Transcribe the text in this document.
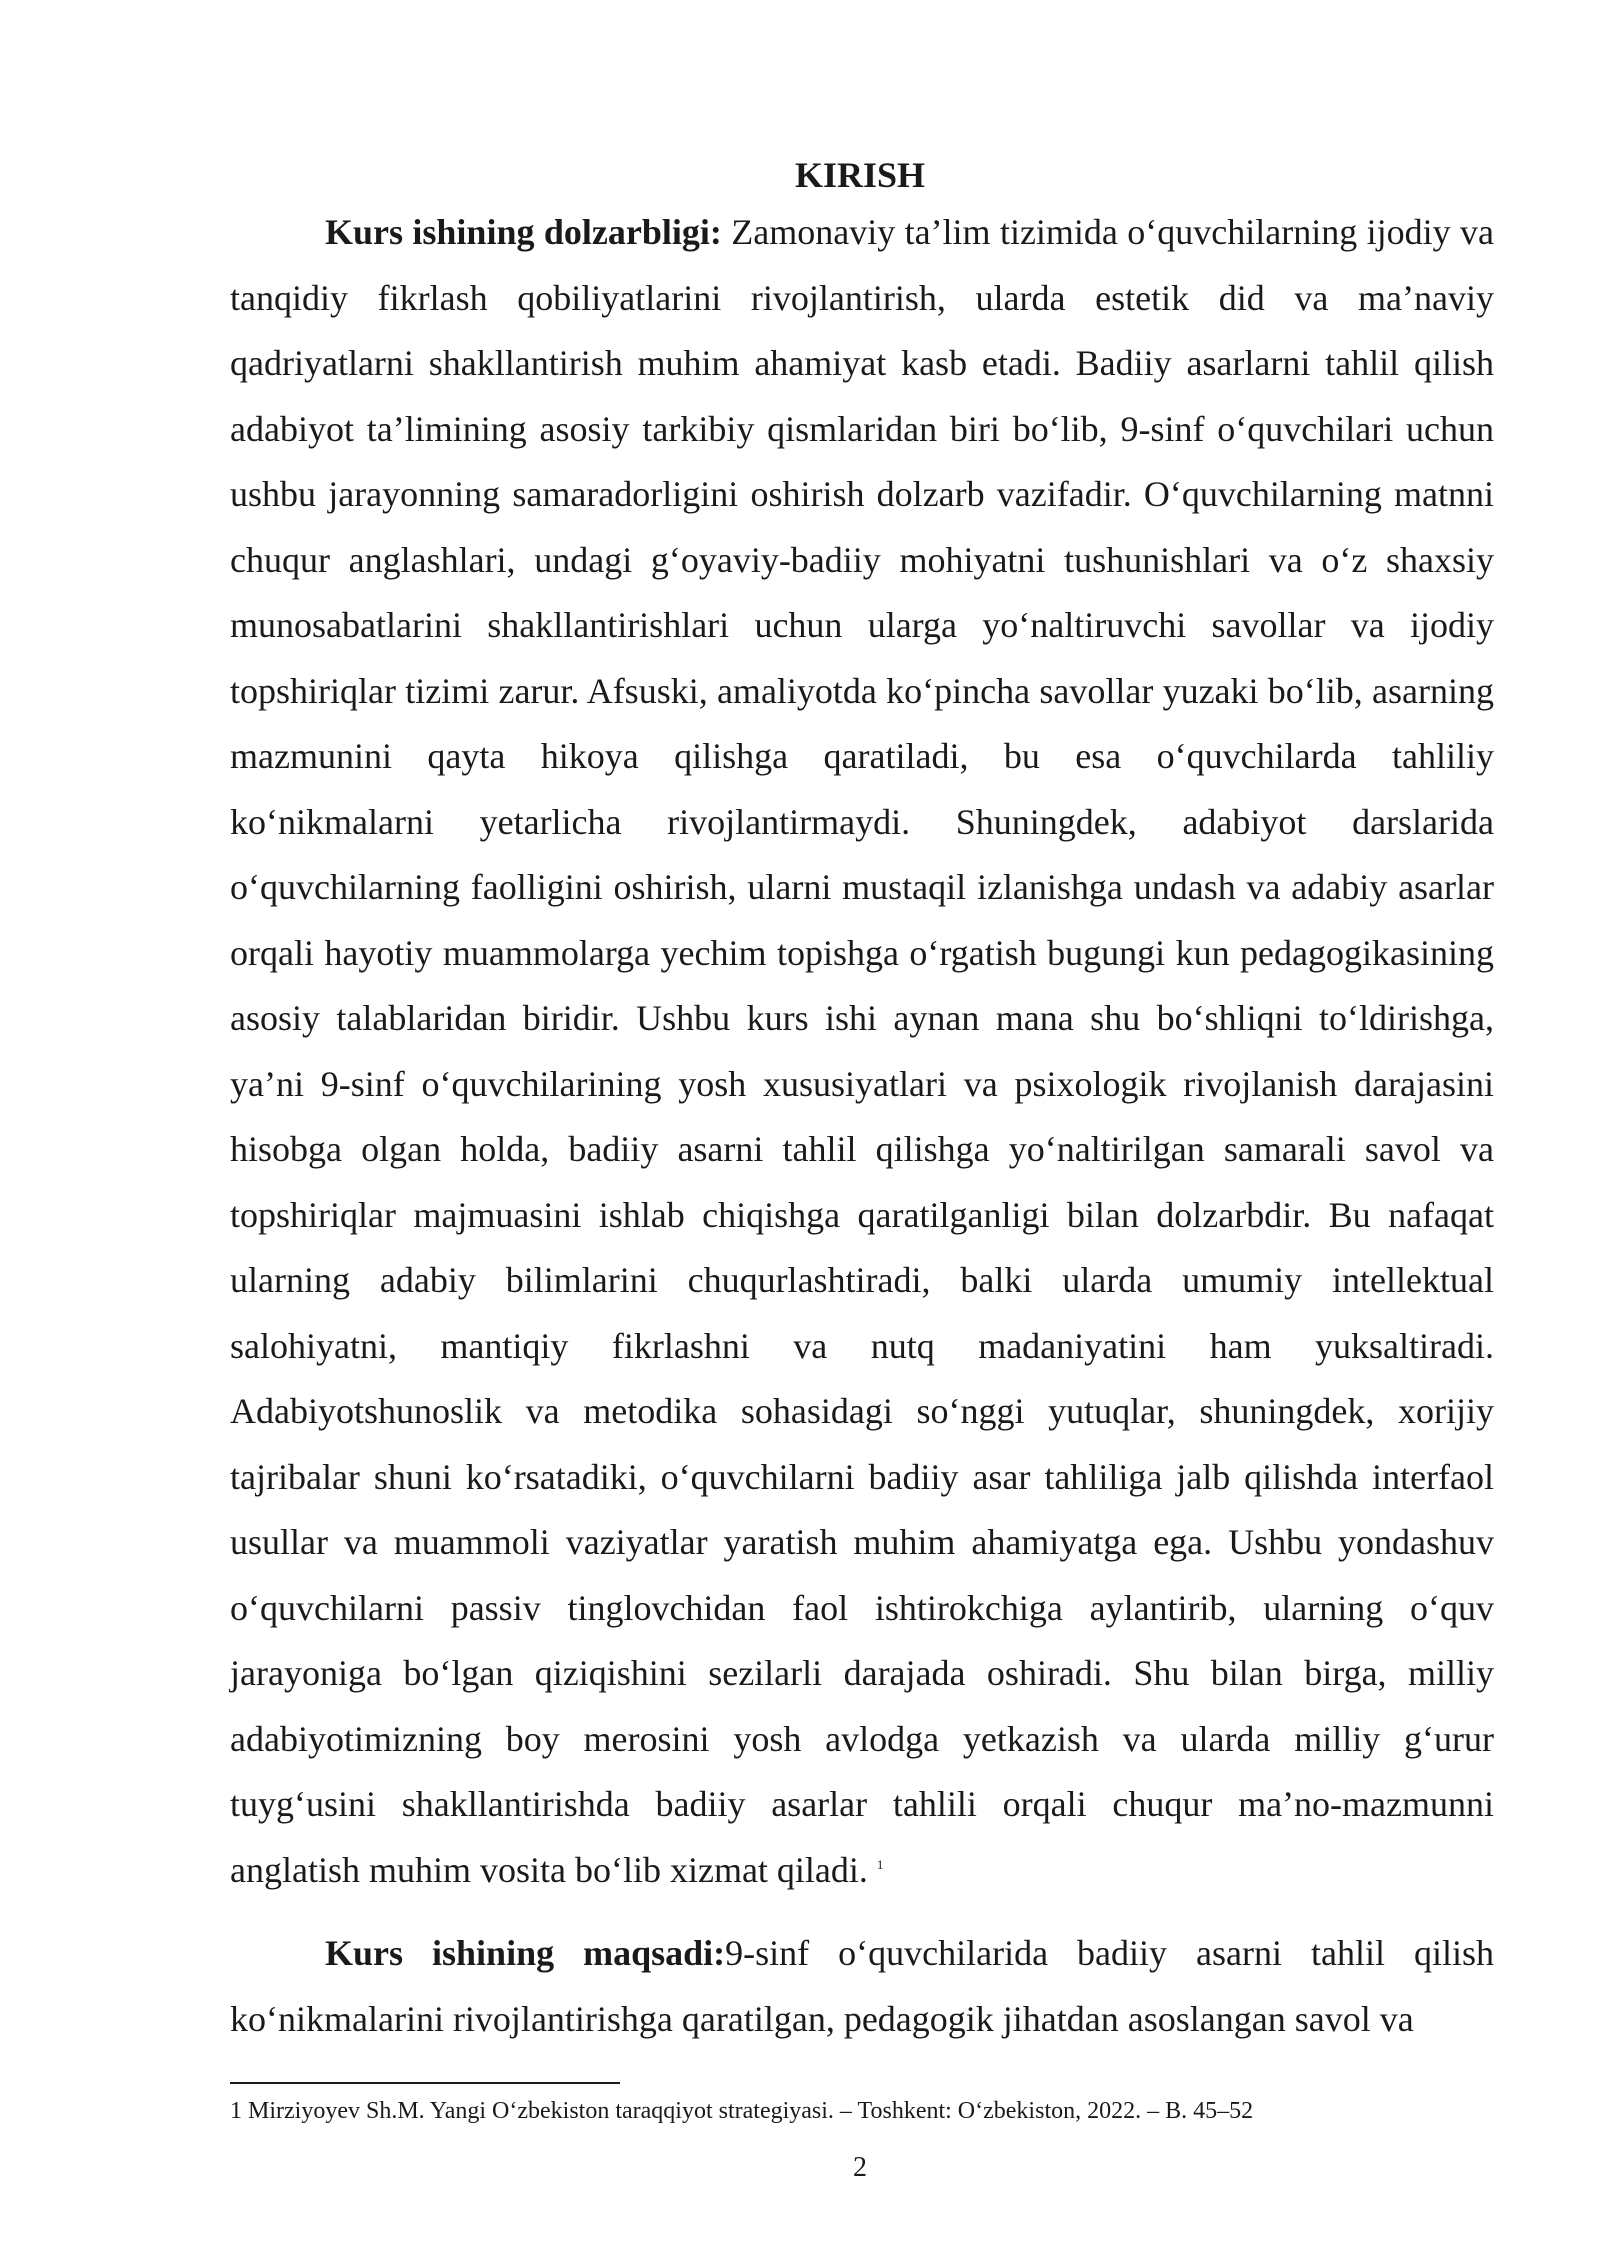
KIRISH

Kurs ishining dolzarbligi: Zamonaviy ta’lim tizimida o‘quvchilarning ijodiy va tanqidiy fikrlash qobiliyatlarini rivojlantirish, ularda estetik did va ma’naviy qadriyatlarni shakllantirish muhim ahamiyat kasb etadi. Badiiy asarlarni tahlil qilish adabiyot ta’limining asosiy tarkibiy qismlaridan biri bo‘lib, 9-sinf o‘quvchilari uchun ushbu jarayonning samaradorligini oshirish dolzarb vazifadir. O‘quvchilarning matnni chuqur anglashlari, undagi g‘oyaviy-badiiy mohiyatni tushunishlari va o‘z shaxsiy munosabatlarini shakllantirishlari uchun ularga yo‘naltiruvchi savollar va ijodiy topshiriqlar tizimi zarur. Afsuski, amaliyotda ko‘pincha savollar yuzaki bo‘lib, asarning mazmunini qayta hikoya qilishga qaratiladi, bu esa o‘quvchilarda tahliliy ko‘nikmalarni yetarlicha rivojlantirmaydi. Shuningdek, adabiyot darslarida o‘quvchilarning faolligini oshirish, ularni mustaqil izlanishga undash va adabiy asarlar orqali hayotiy muammolarga yechim topishga o‘rgatish bugungi kun pedagogikasining asosiy talablaridan biridir. Ushbu kurs ishi aynan mana shu bo‘shliqni to‘ldirishga, ya’ni 9-sinf o‘quvchilarining yosh xususiyatlari va psixologik rivojlanish darajasini hisobga olgan holda, badiiy asarni tahlil qilishga yo‘naltirilgan samarali savol va topshiriqlar majmuasini ishlab chiqishga qaratilganligi bilan dolzarbdir. Bu nafaqat ularning adabiy bilimlarini chuqurlashtiradi, balki ularda umumiy intellektual salohiyatni, mantiqiy fikrlashni va nutq madaniyatini ham yuksaltiradi. Adabiyotshunoslik va metodika sohasidagi so‘nggi yutuqlar, shuningdek, xorijiy tajribalar shuni ko‘rsatadiki, o‘quvchilarni badiiy asar tahliliga jalb qilishda interfaol usullar va muammoli vaziyatlar yaratish muhim ahamiyatga ega. Ushbu yondashuv o‘quvchilarni passiv tinglovchidan faol ishtirokchiga aylantirib, ularning o‘quv jarayoniga bo‘lgan qiziqishini sezilarli darajada oshiradi. Shu bilan birga, milliy adabiyotimizning boy merosini yosh avlodga yetkazish va ularda milliy g‘urur tuyg‘usini shakllantirishda badiiy asarlar tahlili orqali chuqur ma’no-mazmunni anglatish muhim vosita bo‘lib xizmat qiladi. $^1$

Kurs ishining maqsadi:9-sinf o‘quvchilarida badiiy asarni tahlil qilish ko‘nikmalarini rivojlantirishga qaratilgan, pedagogik jihatdan asoslangan savol va

1 Mirziyoyev Sh.M. Yangi O‘zbekiston taraqqiyot strategiyasi. – Toshkent: O‘zbekiston, 2022. – B. 45–52

2
